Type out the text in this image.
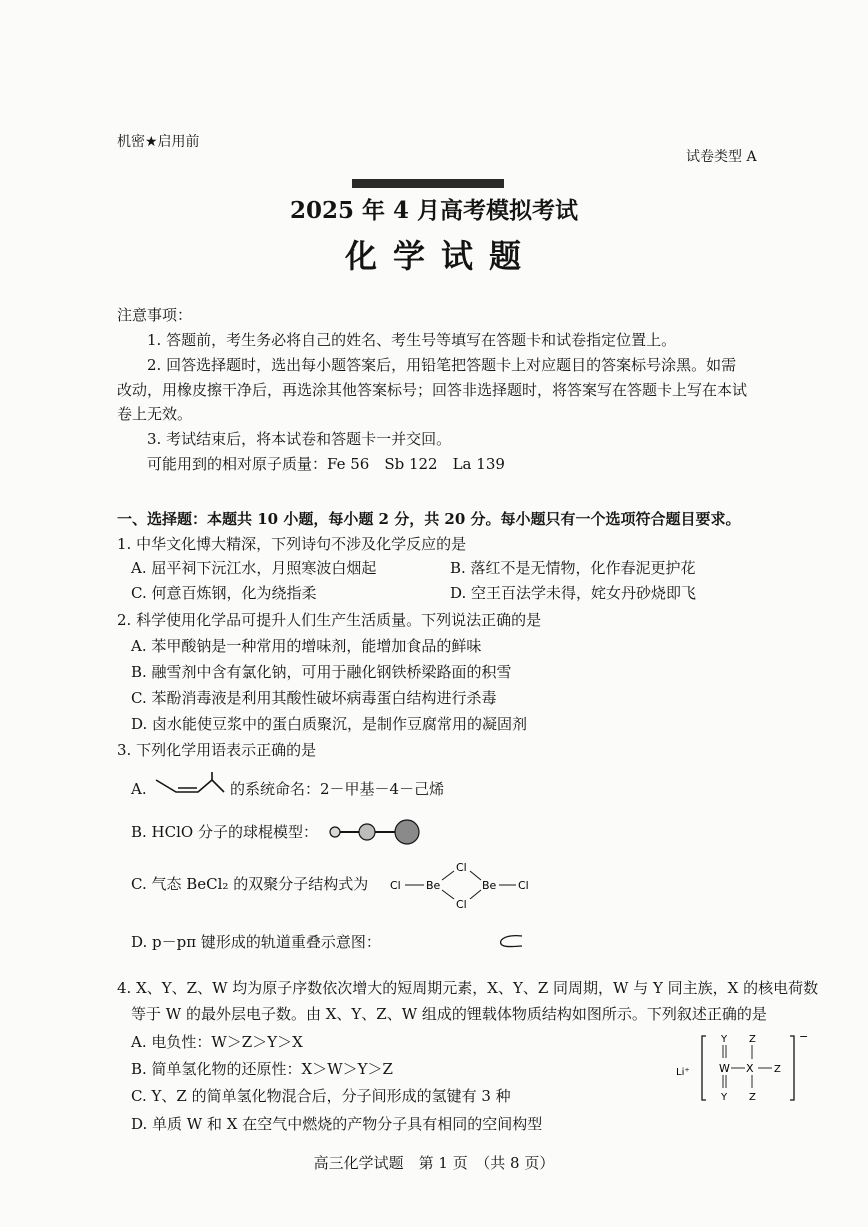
机密★启用前
试卷类型 A
2025 年 4 月高考模拟考试
化学试题
注意事项：
1. 答题前，考生务必将自己的姓名、考生号等填写在答题卡和试卷指定位置上。
2. 回答选择题时，选出每小题答案后，用铅笔把答题卡上对应题目的答案标号涂黑。如需
改动，用橡皮擦干净后，再选涂其他答案标号；回答非选择题时，将答案写在答题卡上写在本试
卷上无效。
3. 考试结束后，将本试卷和答题卡一并交回。
可能用到的相对原子质量：Fe 56　Sb 122　La 139
一、选择题：本题共 10 小题，每小题 2 分，共 20 分。每小题只有一个选项符合题目要求。
1. 中华文化博大精深，下列诗句不涉及化学反应的是
A. 屈平祠下沅江水，月照寒波白烟起	B. 落红不是无情物，化作春泥更护花
C. 何意百炼钢，化为绕指柔	D. 空王百法学未得，姹女丹砂烧即飞
2. 科学使用化学品可提升人们生产生活质量。下列说法正确的是
A. 苯甲酸钠是一种常用的增味剂，能增加食品的鲜味
B. 融雪剂中含有氯化钠，可用于融化钢铁桥梁路面的积雪
C. 苯酚消毒液是利用其酸性破坏病毒蛋白结构进行杀毒
D. 卤水能使豆浆中的蛋白质聚沉，是制作豆腐常用的凝固剂
3. 下列化学用语表示正确的是
A.	的系统命名：2－甲基－4－己烯
B. HClO 分子的球棍模型：
C. 气态 BeCl₂ 的双聚分子结构式为 Cl Be
Cl
Cl
Be Cl
D. p－pπ 键形成的轨道重叠示意图：
4. X、Y、Z、W 均为原子序数依次增大的短周期元素，X、Y、Z 同周期，W 与 Y 同主族，X 的核电荷数
等于 W 的最外层电子数。由 X、Y、Z、W 组成的锂载体物质结构如图所示。下列叙述正确的是
A. 电负性：W＞Z＞Y＞X
B. 简单氢化物的还原性：X＞W＞Y＞Z
C. Y、Z 的简单氢化物混合后，分子间形成的氢键有 3 种
D. 单质 W 和 X 在空气中燃烧的产物分子具有相同的空间构型
Li⁺
−
Y
W
Y
X
Z
Z
Z
高三化学试题　第 1 页　（共 8 页）
